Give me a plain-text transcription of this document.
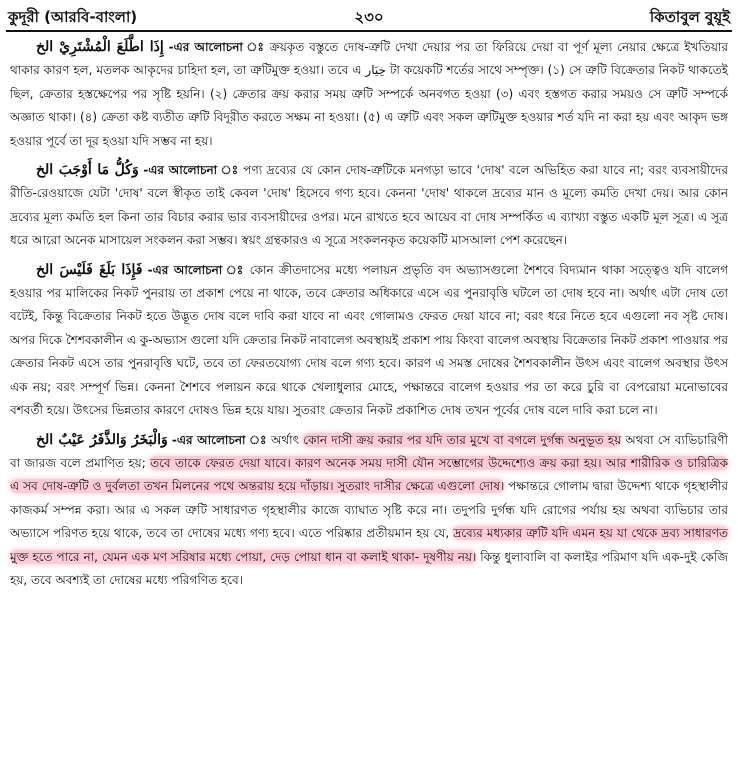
কুদূরী (আরবি-বাংলা)	২৩০	কিতাবুল বুয়ূই

إِذَا اطَّلَعَ الْمُشْتَرِيْ الخ -এর আলোচনা ঃ ক্রয়কৃত বস্তুতে দোষ-ত্রুটি দেখা দেয়ার পর তা ফিরিয়ে দেয়া বা পূর্ণ মূল্য নেয়ার ক্ষেত্রে ইখতিয়ার থাকার কারণ হল, মতলক আকৃদের চাহিদা হল, তা ত্রুটিমুক্ত হওয়া। তবে এ خِيَار টা কয়েকটি শর্তের সাথে সম্পৃক্ত। (১) সে ত্রুটি বিক্রেতার নিকট থাকতেই ছিল, ক্রেতার হস্তক্ষেপের পর সৃষ্টি হয়নি। (২) ক্রেতার ক্রয় করার সময় ত্রুটি সম্পর্কে অনবগত হওয়া (৩) এবং হস্তগত করার সময়ও সে ত্রুটি সম্পর্কে অজ্ঞাত থাকা। (৪) ক্রেতা কষ্ট ব্যতীত ত্রুটি বিদূরীত করতে সক্ষম না হওয়া। (৫) এ ত্রুটি এবং সকল ত্রুটিমুক্ত হওয়ার শর্ত যদি না করা হয় এবং আকৃদ ভঙ্গ হওয়ার পূর্বে তা দূর হওয়া যদি সম্ভব না হয়।

وَكُلُّ مَا أَوْجَبَ الخ -এর আলোচনা ঃ পণ্য দ্রব্যের যে কোন দোষ-ত্রুটিকে মনগড়া ভাবে 'দোষ' বলে অভিহিত করা যাবে না; বরং ব্যবসায়ীদের রীতি-রেওয়াজে যেটা 'দোষ' বলে স্বীকৃত তাই কেবল 'দোষ' হিসেবে গণ্য হবে। কেননা 'দোষ' থাকলে দ্রব্যের মান ও মূল্যে কমতি দেখা দেয়। আর কোন দ্রব্যের মূল্য কমতি হল কিনা তার বিচার করার ভার ব্যবসায়ীদের ওপর। মনে রাখতে হবে আয়েব বা দোষ সম্পর্কিত এ ব্যাখ্যা বস্তুত একটি মূল সূত্র। এ সূত্র ধরে আরো অনেক মাসায়েল সংকলন করা সম্ভব। স্বয়ং গ্রন্থকারও এ সূত্রে সংকলনকৃত কয়েকটি মাসআলা পেশ করেছেন।

فَإِذَا بَلَغَ فَلَيْسَ الخ -এর আলোচনা ঃ কোন ক্রীতদাসের মধ্যে পলায়ন প্রভৃতি বদ অভ্যাসগুলো শৈশবে বিদ্যমান থাকা সত্ত্বেও যদি বালেগ হওয়ার পর মালিকের নিকট পুনরায় তা প্রকাশ পেয়ে না থাকে, তবে ক্রেতার অধিকারে এসে এর পুনরাবৃত্তি ঘটলে তা দোষ হবে না। অর্থাৎ এটা দোষ তো বটেই, কিন্তু বিক্রেতার নিকট হতে উদ্ভূত দোষ বলে দাবি করা যাবে না এবং গোলামও ফেরত দেয়া যাবে না; বরং ধরে নিতে হবে এগুলো নব সৃষ্ট দোষ। অপর দিকে শৈশবকালীন এ কু-অভ্যাস গুলো যদি ক্রেতার নিকট নাবালেগ অবস্থায়ই প্রকাশ পায় কিংবা বালেগ অবস্থায় বিক্রেতার নিকট প্রকাশ পাওয়ার পর ক্রেতার নিকট এসে তার পুনরাবৃত্তি ঘটে, তবে তা ফেরতযোগ্য দোষ বলে গণ্য হবে। কারণ এ সমস্ত দোষের শৈশবকালীন উৎস এবং বালেগ অবস্থার উৎস এক নয়; বরং সম্পূর্ণ ভিন্ন। কেননা শৈশবে পলায়ন করে থাকে খেলাধুলার মোহে, পক্ষান্তরে বালেগ হওয়ার পর তা করে চুরি বা বেপরোয়া মনোভাবের বশবর্তী হয়ে। উৎসের ভিন্নতার কারণে দোষও ভিন্ন হয়ে যায়। সুতরাং ক্রেতার নিকট প্রকাশিত দোষ তখন পূর্বের দোষ বলে দাবি করা চলে না।

وَالْبَخَرُ وَالذَّفَرُ عَيْبٌ الخ -এর আলোচনা ঃ অর্থাৎ কোন দাসী ক্রয় করার পর যদি তার মুখে বা বগলে দুর্গন্ধ অনুভূত হয় অথবা সে ব্যভিচারিণী বা জারজ বলে প্রমাণিত হয়; তবে তাকে ফেরত দেয়া যাবে। কারণ অনেক সময় দাসী যৌন সম্ভোগের উদ্দেশ্যেও ক্রয় করা হয়। আর শারীরিক ও চারিত্রিক এ সব দোষ-ত্রুটি ও দুর্বলতা তখন মিলনের পথে অন্তরায় হয়ে দাঁড়ায়। সুতরাং দাসীর ক্ষেত্রে এগুলো দোষ। পক্ষান্তরে গোলাম দ্বারা উদ্দেশ্য থাকে গৃহস্থালীর কাজকর্ম সম্পন্ন করা। আর এ সকল ত্রুটি সাধারণত গৃহস্থালীর কাজে ব্যাঘাত সৃষ্টি করে না। তদুপরি দুর্গন্ধ যদি রোগের পর্যায় হয় অথবা ব্যভিচার তার অভ্যাসে পরিণত হয়ে থাকে, তবে তা দোষের মধ্যে গণ্য হবে। এতে পরিষ্কার প্রতীয়মান হয় যে, দ্রব্যের মধ্যকার ত্রুটি যদি এমন হয় যা থেকে দ্রব্য সাধারণত মুক্ত হতে পারে না, যেমন এক মণ সরিষার মধ্যে পোয়া, দেড় পোয়া ধান বা কলাই থাকা- দূষণীয় নয়। কিন্তু ধুলাবালি বা কলাইর পরিমাণ যদি এক-দুই কেজি হয়, তবে অবশ্যই তা দোষের মধ্যে পরিগণিত হবে।
